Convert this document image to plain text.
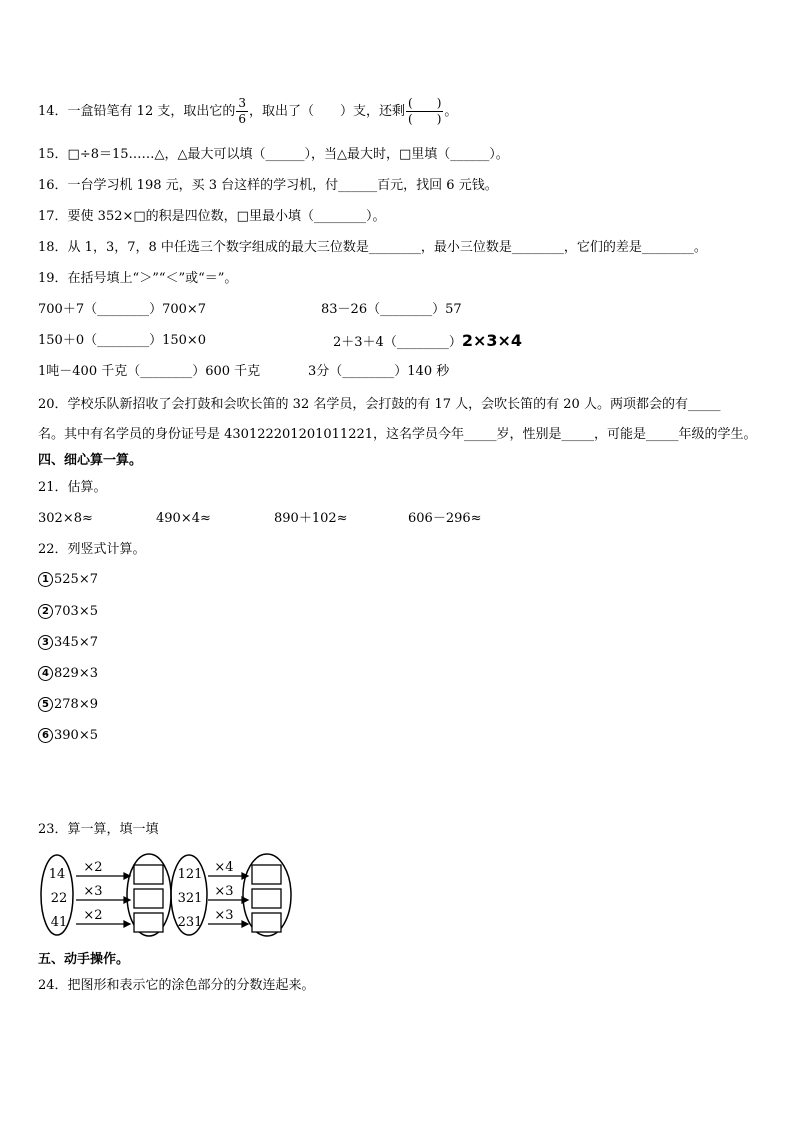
14．一盒铅笔有 12 支，取出它的 $\frac{3}{6}$ ，取出了（　　）支，还剩 $\frac{( )}{( )}$ 。
15．□÷8＝15……△，△最大可以填（______），当△最大时，□里填（______）。
16．一台学习机 198 元，买 3 台这样的学习机，付______百元，找回 6 元钱。
17．要使 352×□的积是四位数，□里最小填（________）。
18．从 1，3，7，8 中任选三个数字组成的最大三位数是________，最小三位数是________，它们的差是________。
19．在括号填上“＞”“＜”或“＝”。
700＋7（________）700×7	83－26（________）57
150＋0（________）150×0	2＋3＋4（________）2×3×4
1吨－400 千克（________）600 千克	3分（________）140 秒
20．学校乐队新招收了会打鼓和会吹长笛的 32 名学员，会打鼓的有 17 人，会吹长笛的有 20 人。两项都会的有_____
名。其中有名学员的身份证号是 430122201201011221，这名学员今年_____岁，性别是_____，可能是_____年级的学生。
四、细心算一算。
21．估算。
302×8≈	490×4≈	890＋102≈	606－296≈
22．列竖式计算。
1 525×7
2 703×5
3 345×7
4 829×3
5 278×9
6 390×5
23．算一算，填一填
14
22
41
×2
×3
×2
121
321
231
×4
×3
×3
五、动手操作。
24．把图形和表示它的涂色部分的分数连起来。
